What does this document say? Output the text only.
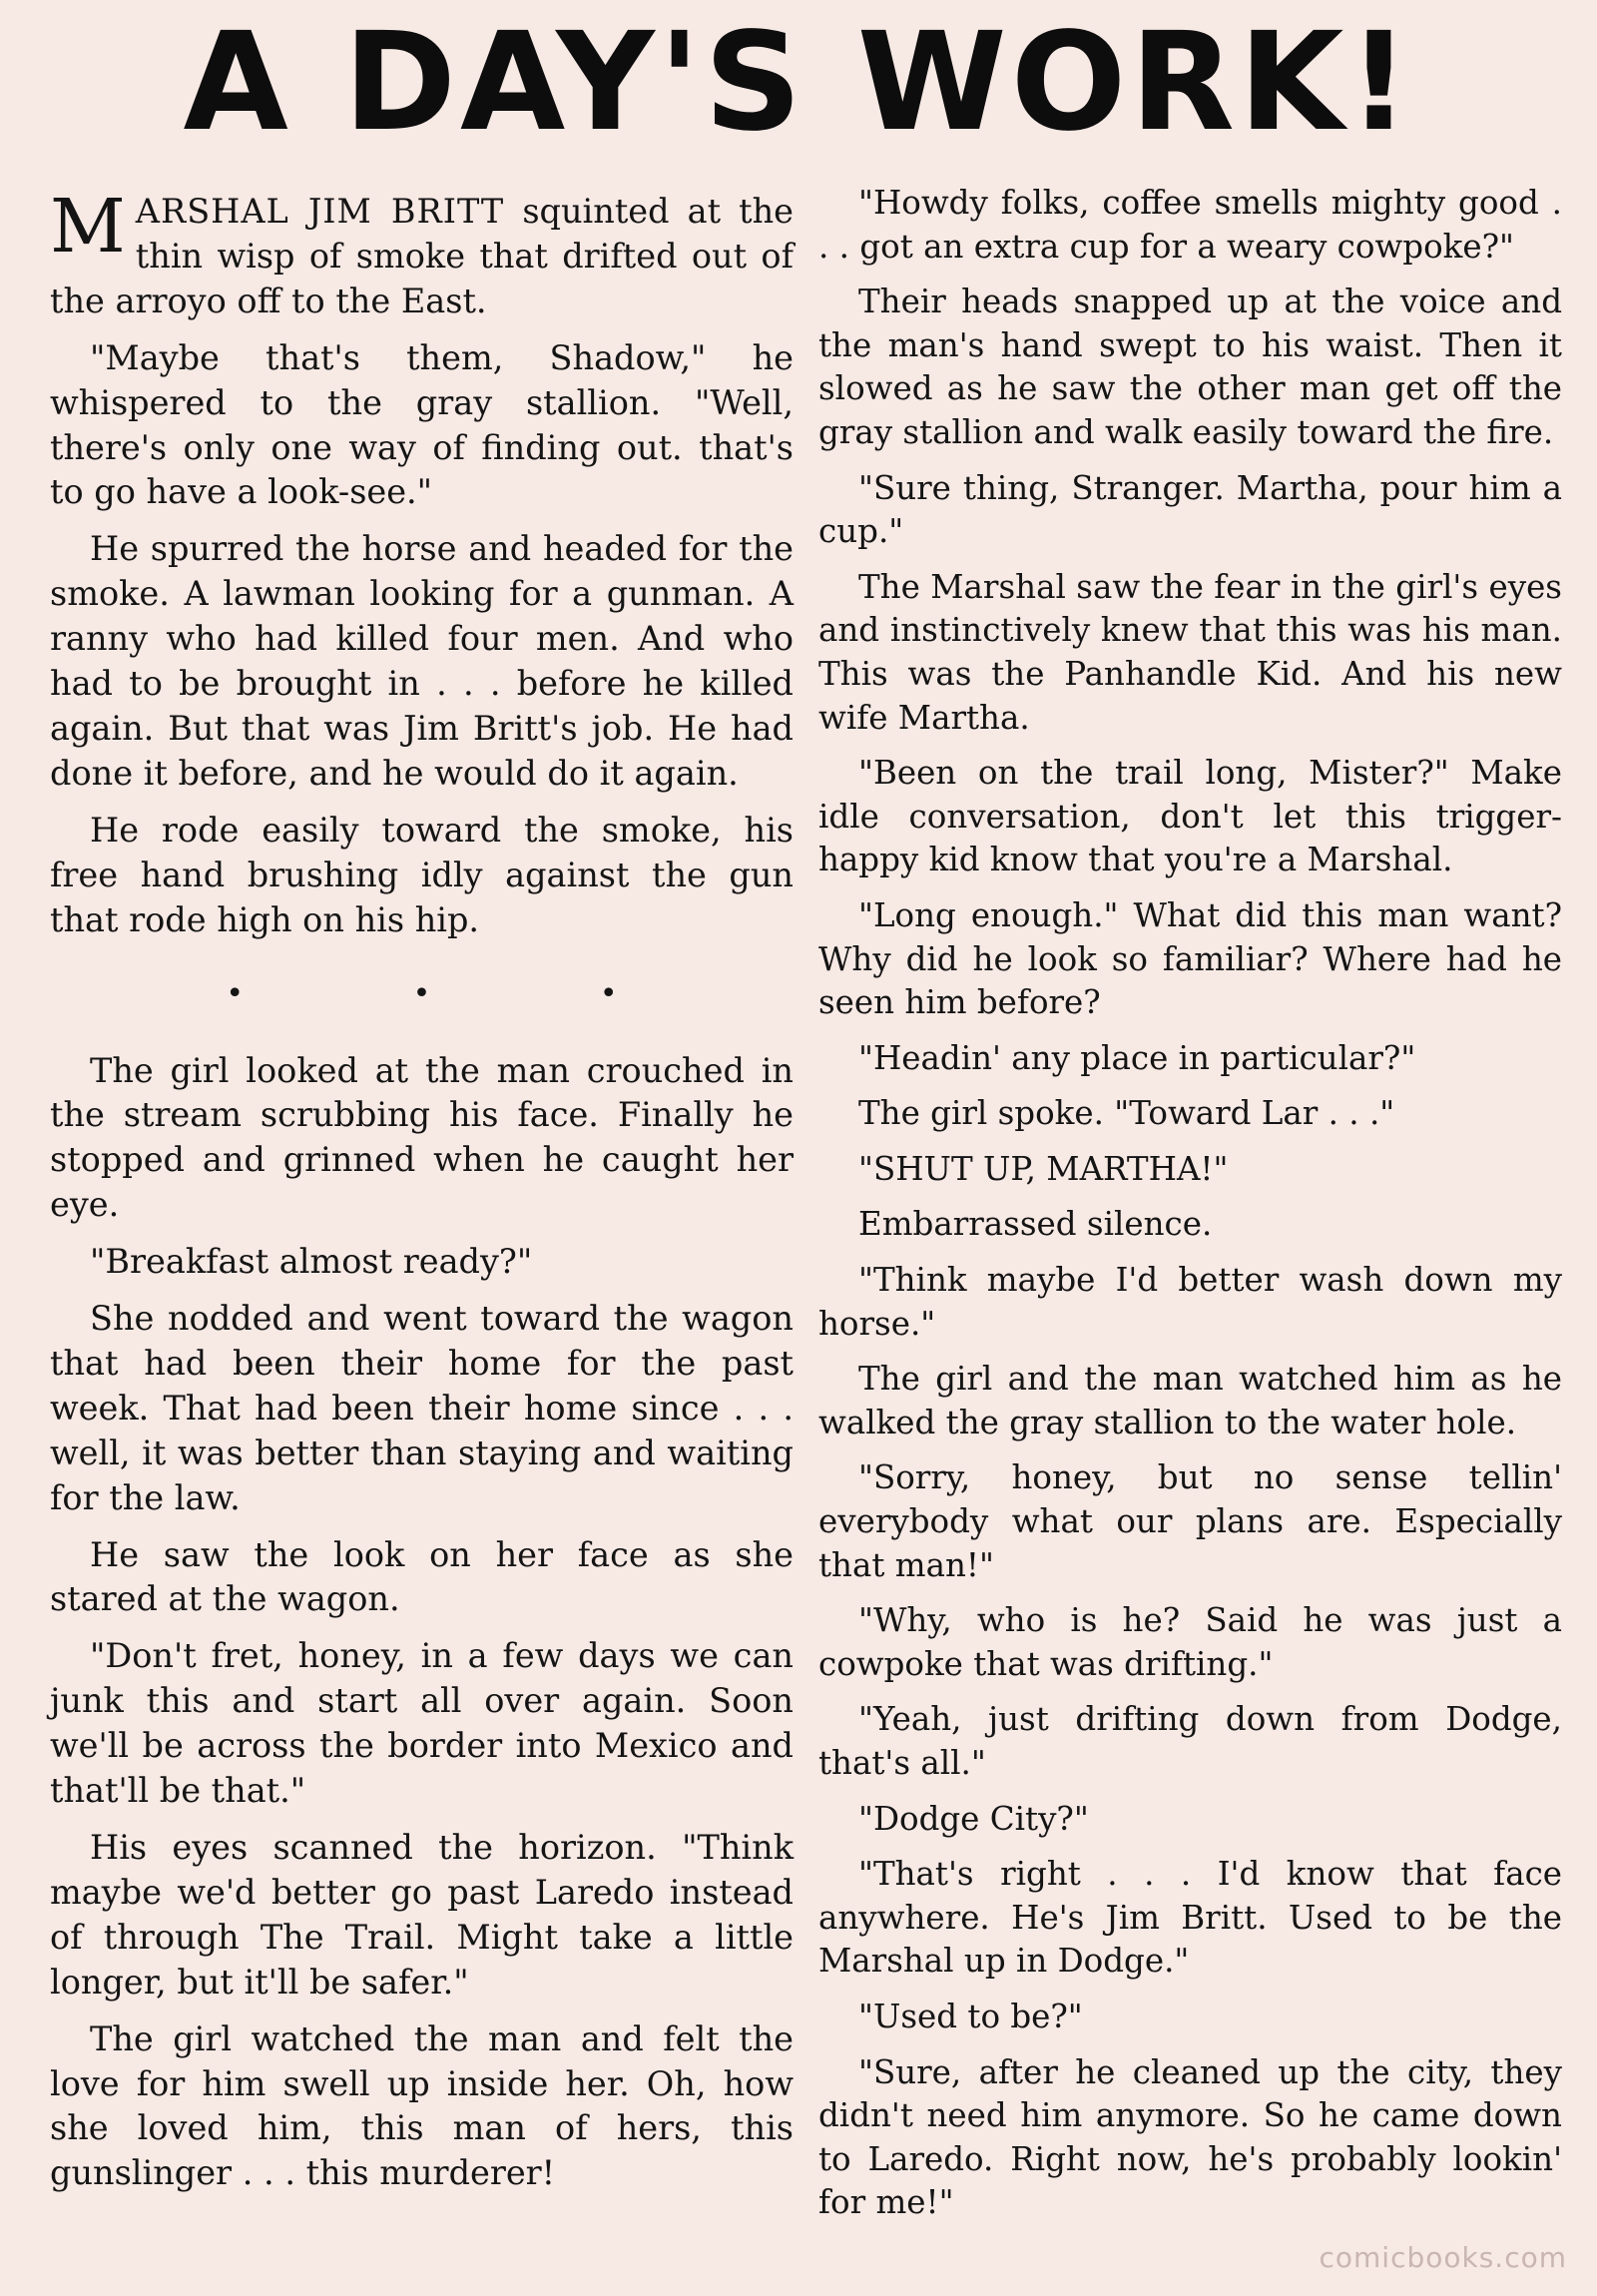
A DAY'S WORK!

MARSHAL JIM BRITT squinted at the thin wisp of smoke that drifted out of the arroyo off to the East.

"Maybe that's them, Shadow," he whispered to the gray stallion. "Well, there's only one way of finding out. that's to go have a look-see."

He spurred the horse and headed for the smoke. A lawman looking for a gunman. A ranny who had killed four men. And who had to be brought in . . . before he killed again. But that was Jim Britt's job. He had done it before, and he would do it again.

He rode easily toward the smoke, his free hand brushing idly against the gun that rode high on his hip.

• • •

The girl looked at the man crouched in the stream scrubbing his face. Finally he stopped and grinned when he caught her eye.

"Breakfast almost ready?"

She nodded and went toward the wagon that had been their home for the past week. That had been their home since . . . well, it was better than staying and waiting for the law.

He saw the look on her face as she stared at the wagon.

"Don't fret, honey, in a few days we can junk this and start all over again. Soon we'll be across the border into Mexico and that'll be that."

His eyes scanned the horizon. "Think maybe we'd better go past Laredo instead of through The Trail. Might take a little longer, but it'll be safer."

The girl watched the man and felt the love for him swell up inside her. Oh, how she loved him, this man of hers, this gunslinger . . . this murderer!

"Howdy folks, coffee smells mighty good . . . got an extra cup for a weary cowpoke?"

Their heads snapped up at the voice and the man's hand swept to his waist. Then it slowed as he saw the other man get off the gray stallion and walk easily toward the fire.

"Sure thing, Stranger. Martha, pour him a cup."

The Marshal saw the fear in the girl's eyes and instinctively knew that this was his man. This was the Panhandle Kid. And his new wife Martha.

"Been on the trail long, Mister?" Make idle conversation, don't let this trigger-happy kid know that you're a Marshal.

"Long enough." What did this man want? Why did he look so familiar? Where had he seen him before?

"Headin' any place in particular?"

The girl spoke. "Toward Lar . . ."

"SHUT UP, MARTHA!"

Embarrassed silence.

"Think maybe I'd better wash down my horse."

The girl and the man watched him as he walked the gray stallion to the water hole.

"Sorry, honey, but no sense tellin' everybody what our plans are. Especially that man!"

"Why, who is he? Said he was just a cowpoke that was drifting."

"Yeah, just drifting down from Dodge, that's all."

"Dodge City?"

"That's right . . . I'd know that face anywhere. He's Jim Britt. Used to be the Marshal up in Dodge."

"Used to be?"

"Sure, after he cleaned up the city, they didn't need him anymore. So he came down to Laredo. Right now, he's probably lookin' for me!"

comicbooks.com
